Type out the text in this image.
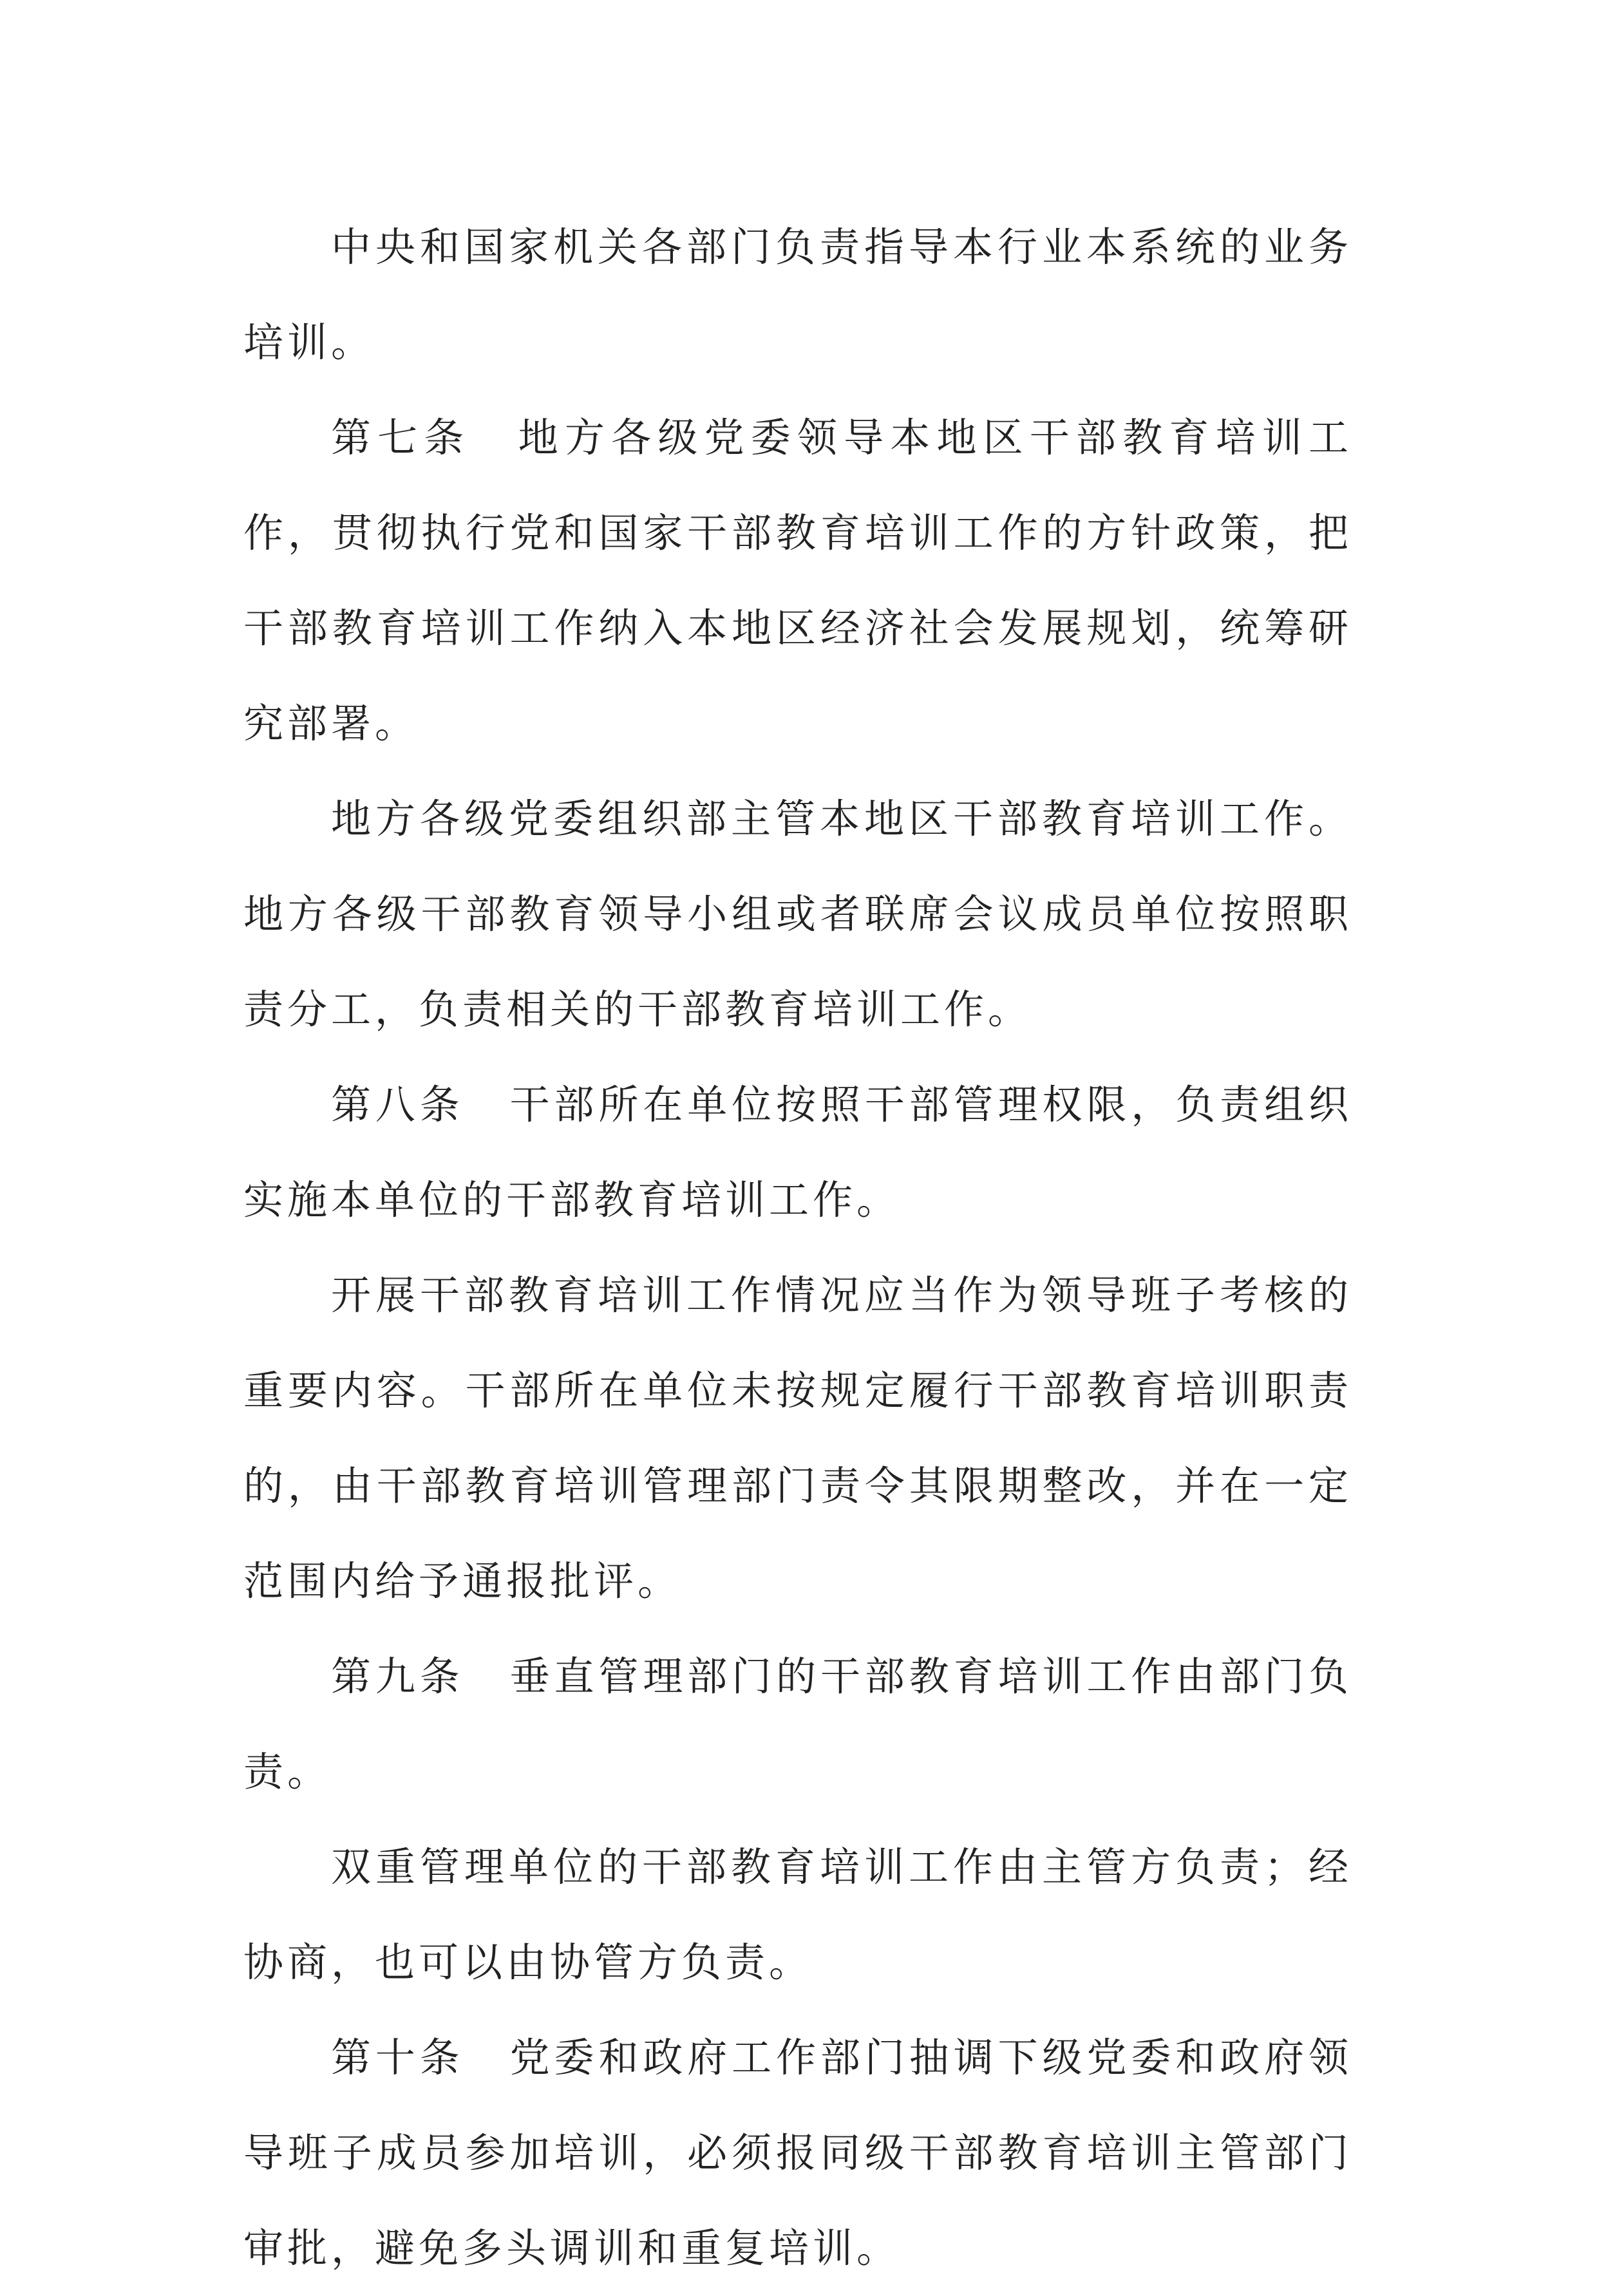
中央和国家机关各部门负责指导本行业本系统的业务培训。

第七条 地方各级党委领导本地区干部教育培训工作，贯彻执行党和国家干部教育培训工作的方针政策，把干部教育培训工作纳入本地区经济社会发展规划，统筹研究部署。

地方各级党委组织部主管本地区干部教育培训工作。地方各级干部教育领导小组或者联席会议成员单位按照职责分工，负责相关的干部教育培训工作。

第八条 干部所在单位按照干部管理权限，负责组织实施本单位的干部教育培训工作。

开展干部教育培训工作情况应当作为领导班子考核的重要内容。干部所在单位未按规定履行干部教育培训职责的，由干部教育培训管理部门责令其限期整改，并在一定范围内给予通报批评。

第九条 垂直管理部门的干部教育培训工作由部门负责。

双重管理单位的干部教育培训工作由主管方负责；经协商，也可以由协管方负责。

第十条 党委和政府工作部门抽调下级党委和政府领导班子成员参加培训，必须报同级干部教育培训主管部门审批，避免多头调训和重复培训。
